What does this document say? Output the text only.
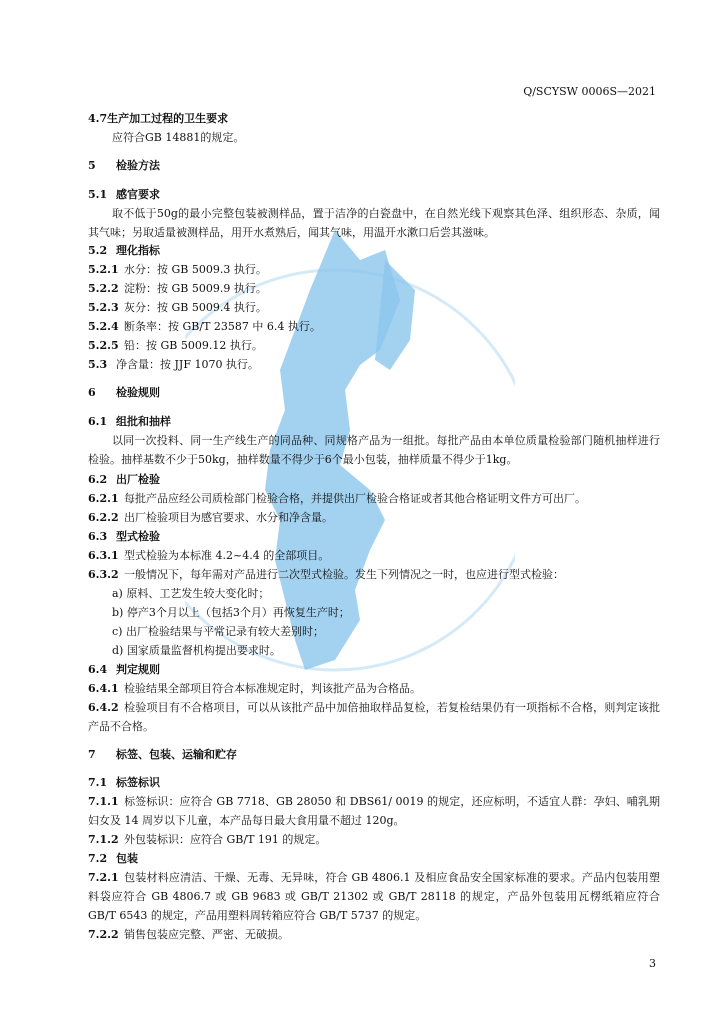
Q/SCYSW 0006S—2021
4.7生产加工过程的卫生要求
应符合GB 14881的规定。
5 检验方法
5.1 感官要求
取不低于50g的最小完整包装被测样品，置于洁净的白瓷盘中，在自然光线下观察其色泽、组织形态、杂质，闻其气味；另取适量被测样品，用开水煮熟后，闻其气味，用温开水漱口后尝其滋味。
5.2 理化指标
5.2.1 水分：按 GB 5009.3 执行。
5.2.2 淀粉：按 GB 5009.9 执行。
5.2.3 灰分：按 GB 5009.4 执行。
5.2.4 断条率：按 GB/T 23587 中 6.4 执行。
5.2.5 铅：按 GB 5009.12 执行。
5.3 净含量：按 JJF 1070 执行。
6 检验规则
6.1 组批和抽样
以同一次投料、同一生产线生产的同品种、同规格产品为一组批。每批产品由本单位质量检验部门随机抽样进行检验。抽样基数不少于50kg，抽样数量不得少于6个最小包装，抽样质量不得少于1kg。
6.2 出厂检验
6.2.1 每批产品应经公司质检部门检验合格，并提供出厂检验合格证或者其他合格证明文件方可出厂。
6.2.2 出厂检验项目为感官要求、水分和净含量。
6.3 型式检验
6.3.1 型式检验为本标准 4.2~4.4 的全部项目。
6.3.2 一般情况下，每年需对产品进行二次型式检验。发生下列情况之一时，也应进行型式检验：
a) 原料、工艺发生较大变化时；
b) 停产3个月以上（包括3个月）再恢复生产时；
c) 出厂检验结果与平常记录有较大差别时；
d) 国家质量监督机构提出要求时。
6.4 判定规则
6.4.1 检验结果全部项目符合本标准规定时，判该批产品为合格品。
6.4.2 检验项目有不合格项目，可以从该批产品中加倍抽取样品复检，若复检结果仍有一项指标不合格，则判定该批产品不合格。
7 标签、包装、运输和贮存
7.1 标签标识
7.1.1 标签标识：应符合 GB 7718、GB 28050 和 DBS61/ 0019 的规定，还应标明，不适宜人群：孕妇、哺乳期妇女及 14 周岁以下儿童，本产品每日最大食用量不超过 120g。
7.1.2 外包装标识：应符合 GB/T 191 的规定。
7.2 包装
7.2.1 包装材料应清洁、干燥、无毒、无异味，符合 GB 4806.1 及相应食品安全国家标准的要求。产品内包装用塑料袋应符合 GB 4806.7 或 GB 9683 或 GB/T 21302 或 GB/T 28118 的规定，产品外包装用瓦楞纸箱应符合 GB/T 6543 的规定，产品用塑料周转箱应符合 GB/T 5737 的规定。
7.2.2 销售包装应完整、严密、无破损。
3
